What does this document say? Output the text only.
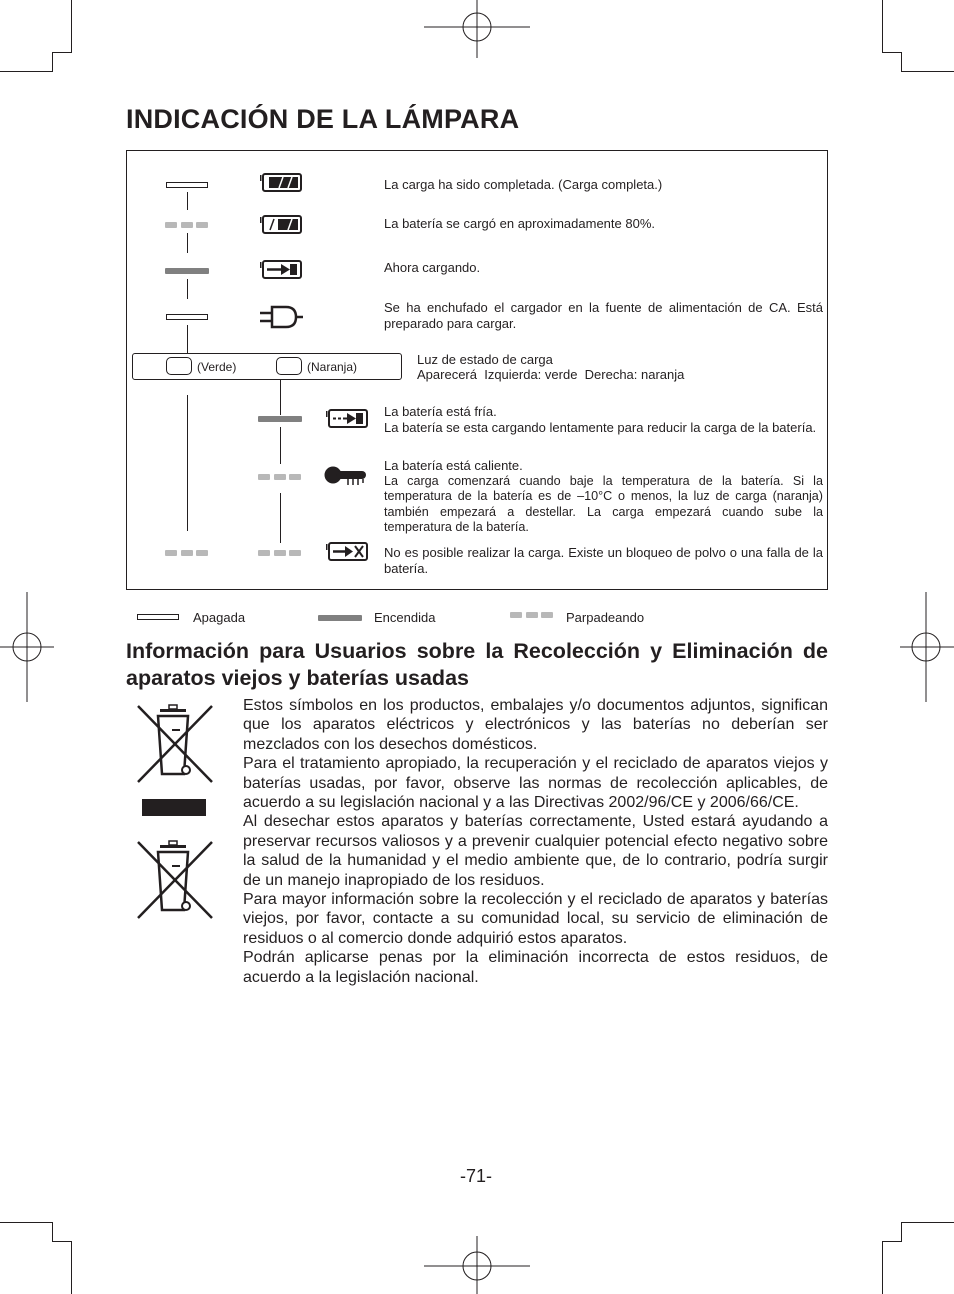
INDICACIÓN DE LA LÁMPARA
La carga ha sido completada. (Carga completa.)
La batería se cargó en aproximadamente 80%.
Ahora cargando.
Se ha enchufado el cargador en la fuente de alimentación de CA. Está preparado para cargar.
(Verde)	(Naranja)	Luz de estado de carga
Aparecerá  Izquierda: verde  Derecha: naranja
La batería está fría.
La batería se esta cargando lentamente para reducir la carga de la batería.
La batería está caliente.
La carga comenzará cuando baje la temperatura de la batería. Si la temperatura de la batería es de –10°C o menos, la luz de carga (naranja) también empezará a destellar. La carga empezará cuando sube la temperatura de la batería.
No es posible realizar la carga. Existe un bloqueo de polvo o una falla de la batería.
Apagada	Encendida	Parpadeando
Información para Usuarios sobre la Recolección y Eliminación de aparatos viejos y baterías usadas

Estos símbolos en los productos, embalajes y/o documentos adjuntos, significan que los aparatos eléctricos y electrónicos y las baterías no deberían ser mezclados con los desechos domésticos.

Para el tratamiento apropiado, la recuperación y el reciclado de aparatos viejos y baterías usadas, por favor, observe las normas de recolección aplicables, de acuerdo a su legislación nacional y a las Directivas 2002/96/CE y 2006/66/CE.

Al desechar estos aparatos y baterías correctamente, Usted estará ayudando a preservar recursos valiosos y a prevenir cualquier potencial efecto negativo sobre la salud de la humanidad y el medio ambiente que, de lo contrario, podría surgir de un manejo inapropiado de los residuos.

Para mayor información sobre la recolección y el reciclado de aparatos y baterías viejos, por favor, contacte a su comunidad local, su servicio de eliminación de residuos o al comercio donde adquirió estos aparatos.

Podrán aplicarse penas por la eliminación incorrecta de estos residuos, de acuerdo a la legislación nacional.

-71-
